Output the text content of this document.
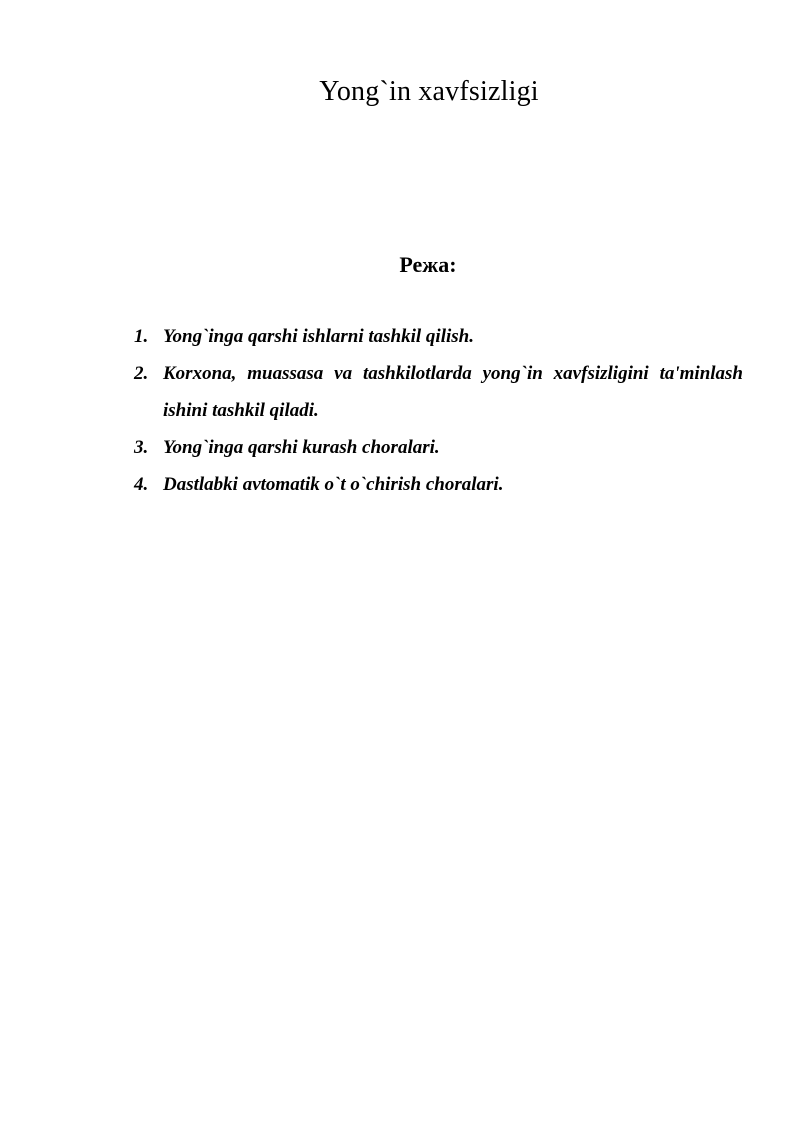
Yong`in xavfsizligi
Режа:
1. Yong`inga qarshi ishlarni tashkil qilish.
2. Korxona, muassasa va tashkilotlarda yong`in xavfsizligini ta'minlash ishini tashkil qiladi.
3. Yong`inga qarshi kurash choralari.
4. Dastlabki avtomatik o`t o`chirish choralari.
